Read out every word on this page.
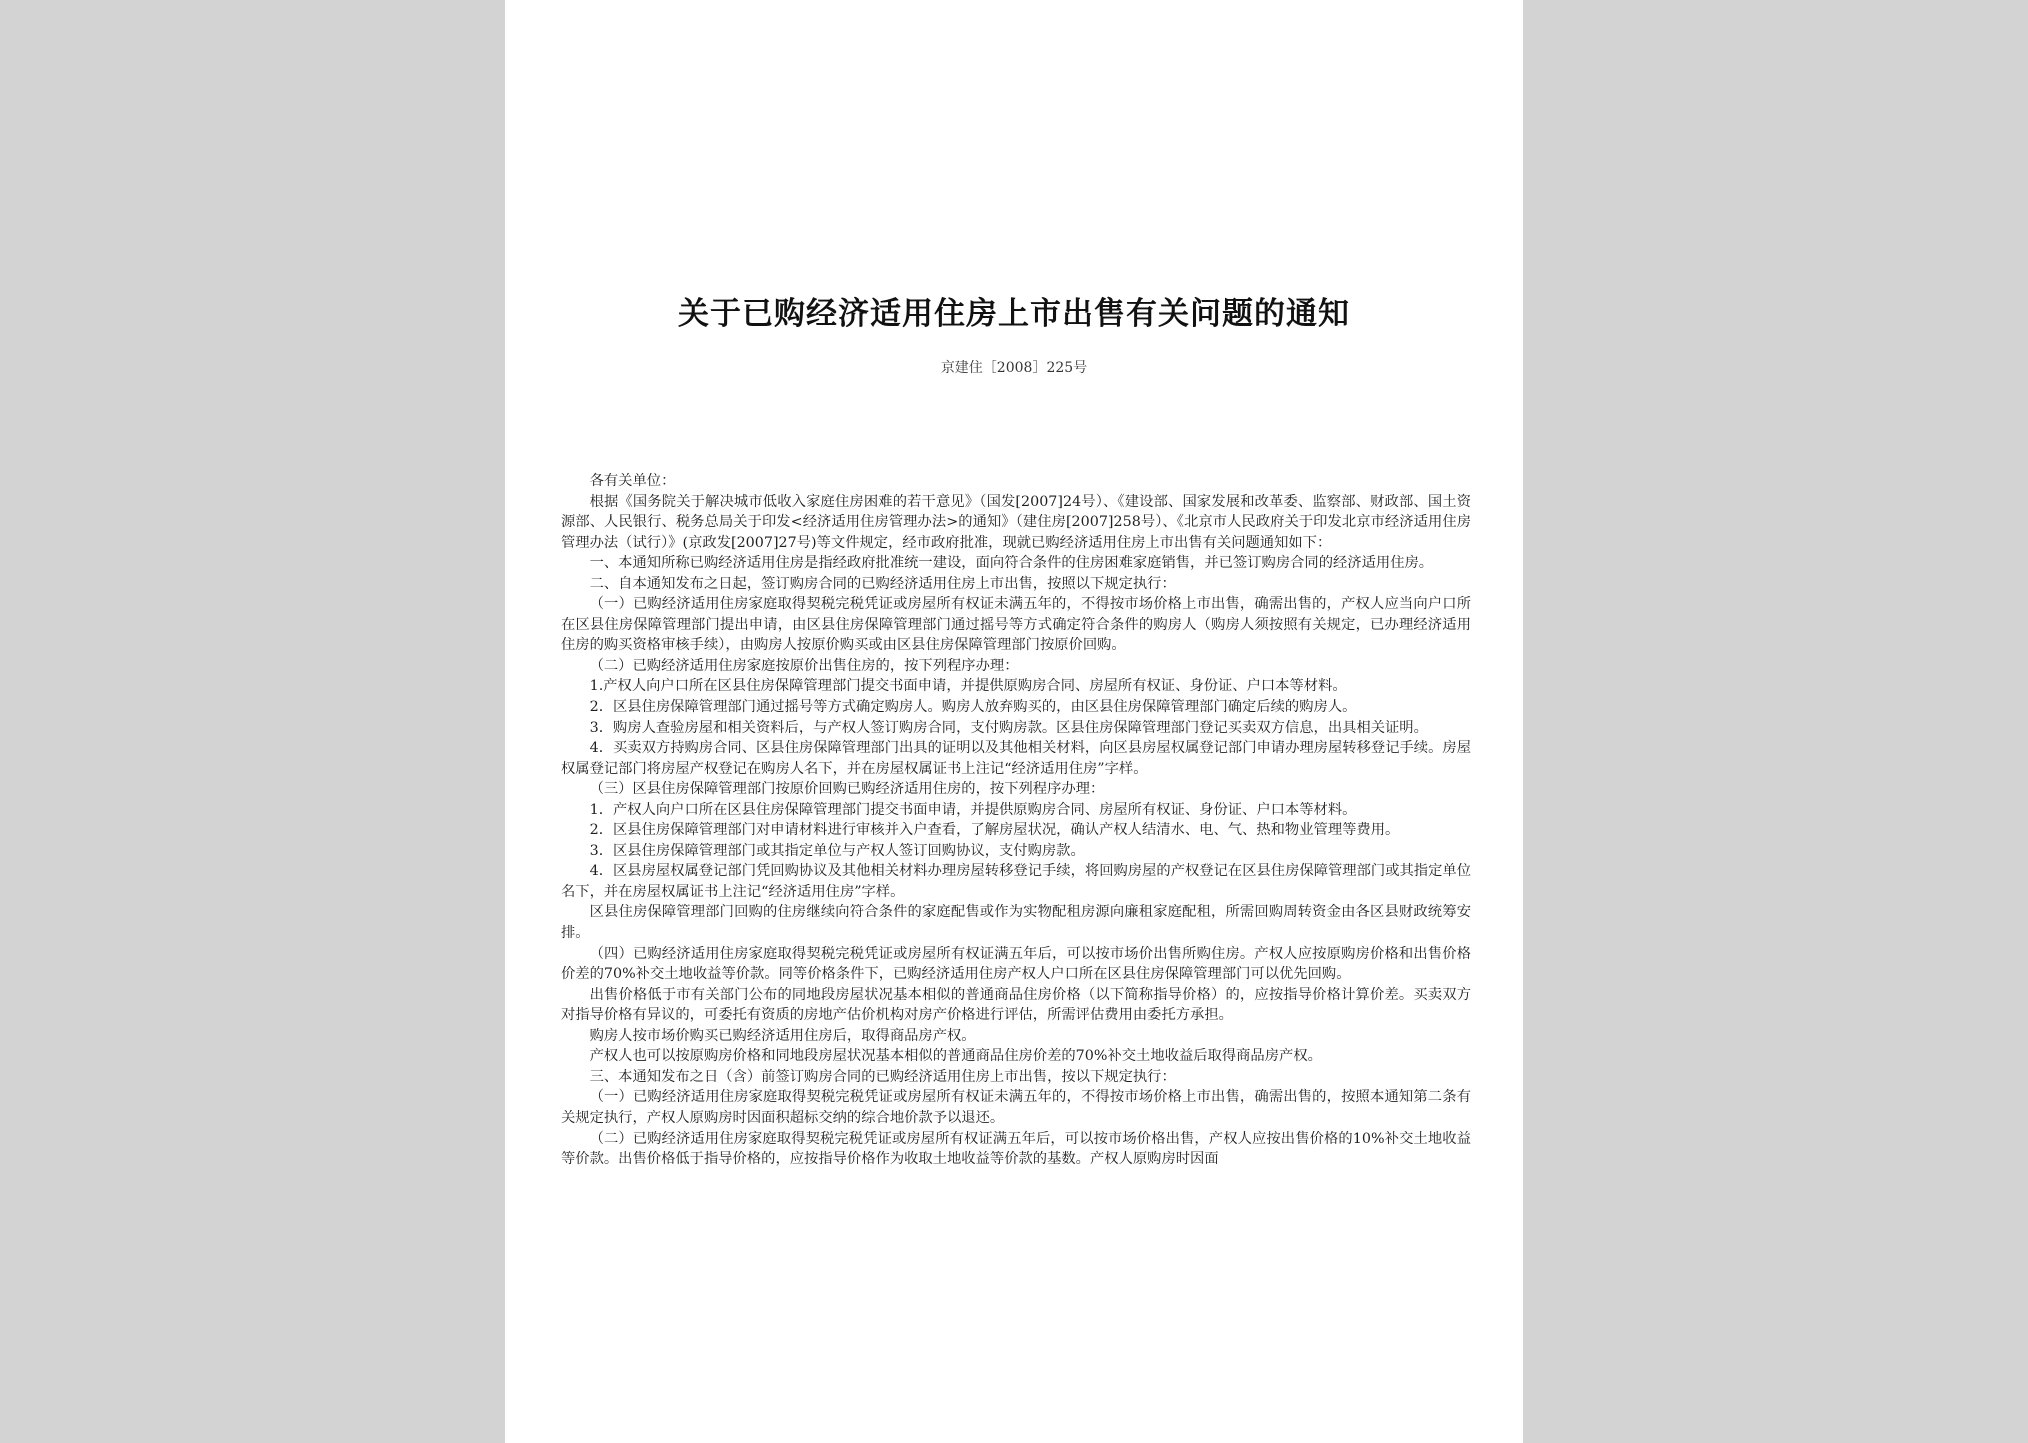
关于已购经济适用住房上市出售有关问题的通知
京建住［2008］225号

各有关单位：

根据《国务院关于解决城市低收入家庭住房困难的若干意见》（国发[2007]24号）、《建设部、国家发展和改革委、监察部、财政部、国土资源部、人民银行、税务总局关于印发<经济适用住房管理办法>的通知》（建住房[2007]258号）、《北京市人民政府关于印发北京市经济适用住房管理办法（试行）》(京政发[2007]27号)等文件规定，经市政府批准，现就已购经济适用住房上市出售有关问题通知如下：

一、本通知所称已购经济适用住房是指经政府批准统一建设，面向符合条件的住房困难家庭销售，并已签订购房合同的经济适用住房。

二、自本通知发布之日起，签订购房合同的已购经济适用住房上市出售，按照以下规定执行：

（一）已购经济适用住房家庭取得契税完税凭证或房屋所有权证未满五年的，不得按市场价格上市出售，确需出售的，产权人应当向户口所在区县住房保障管理部门提出申请，由区县住房保障管理部门通过摇号等方式确定符合条件的购房人（购房人须按照有关规定，已办理经济适用住房的购买资格审核手续），由购房人按原价购买或由区县住房保障管理部门按原价回购。

（二）已购经济适用住房家庭按原价出售住房的，按下列程序办理：

1.产权人向户口所在区县住房保障管理部门提交书面申请，并提供原购房合同、房屋所有权证、身份证、户口本等材料。

2．区县住房保障管理部门通过摇号等方式确定购房人。购房人放弃购买的，由区县住房保障管理部门确定后续的购房人。

3．购房人查验房屋和相关资料后，与产权人签订购房合同，支付购房款。区县住房保障管理部门登记买卖双方信息，出具相关证明。

4．买卖双方持购房合同、区县住房保障管理部门出具的证明以及其他相关材料，向区县房屋权属登记部门申请办理房屋转移登记手续。房屋权属登记部门将房屋产权登记在购房人名下，并在房屋权属证书上注记“经济适用住房”字样。

（三）区县住房保障管理部门按原价回购已购经济适用住房的，按下列程序办理：

1．产权人向户口所在区县住房保障管理部门提交书面申请，并提供原购房合同、房屋所有权证、身份证、户口本等材料。

2．区县住房保障管理部门对申请材料进行审核并入户查看，了解房屋状况，确认产权人结清水、电、气、热和物业管理等费用。

3．区县住房保障管理部门或其指定单位与产权人签订回购协议，支付购房款。

4．区县房屋权属登记部门凭回购协议及其他相关材料办理房屋转移登记手续，将回购房屋的产权登记在区县住房保障管理部门或其指定单位名下，并在房屋权属证书上注记“经济适用住房”字样。

区县住房保障管理部门回购的住房继续向符合条件的家庭配售或作为实物配租房源向廉租家庭配租，所需回购周转资金由各区县财政统筹安排。

（四）已购经济适用住房家庭取得契税完税凭证或房屋所有权证满五年后，可以按市场价出售所购住房。产权人应按原购房价格和出售价格价差的70%补交土地收益等价款。同等价格条件下，已购经济适用住房产权人户口所在区县住房保障管理部门可以优先回购。

出售价格低于市有关部门公布的同地段房屋状况基本相似的普通商品住房价格（以下简称指导价格）的，应按指导价格计算价差。买卖双方对指导价格有异议的，可委托有资质的房地产估价机构对房产价格进行评估，所需评估费用由委托方承担。

购房人按市场价购买已购经济适用住房后，取得商品房产权。

产权人也可以按原购房价格和同地段房屋状况基本相似的普通商品住房价差的70%补交土地收益后取得商品房产权。

三、本通知发布之日（含）前签订购房合同的已购经济适用住房上市出售，按以下规定执行：

（一）已购经济适用住房家庭取得契税完税凭证或房屋所有权证未满五年的，不得按市场价格上市出售，确需出售的，按照本通知第二条有关规定执行，产权人原购房时因面积超标交纳的综合地价款予以退还。

（二）已购经济适用住房家庭取得契税完税凭证或房屋所有权证满五年后，可以按市场价格出售，产权人应按出售价格的10%补交土地收益等价款。出售价格低于指导价格的，应按指导价格作为收取土地收益等价款的基数。产权人原购房时因面
